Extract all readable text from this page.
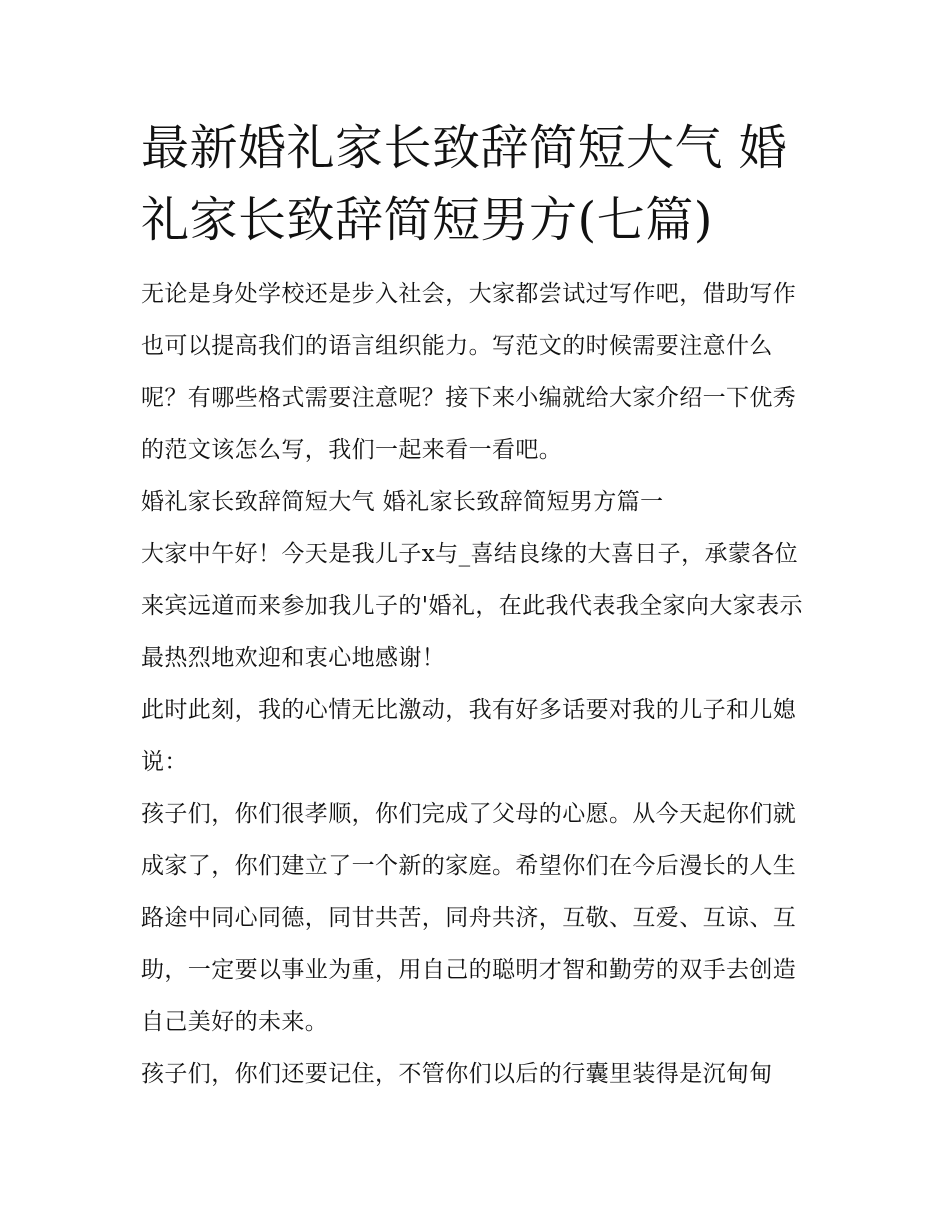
最新婚礼家长致辞简短大气 婚礼家长致辞简短男方(七篇)

无论是身处学校还是步入社会，大家都尝试过写作吧，借助写作也可以提高我们的语言组织能力。写范文的时候需要注意什么呢？有哪些格式需要注意呢？接下来小编就给大家介绍一下优秀的范文该怎么写，我们一起来看一看吧。

婚礼家长致辞简短大气 婚礼家长致辞简短男方篇一

大家中午好！今天是我儿子x与_喜结良缘的大喜日子，承蒙各位来宾远道而来参加我儿子的'婚礼，在此我代表我全家向大家表示最热烈地欢迎和衷心地感谢！

此时此刻，我的心情无比激动，我有好多话要对我的儿子和儿媳说：

孩子们，你们很孝顺，你们完成了父母的心愿。从今天起你们就成家了，你们建立了一个新的家庭。希望你们在今后漫长的人生路途中同心同德，同甘共苦，同舟共济，互敬、互爱、互谅、互助，一定要以事业为重，用自己的聪明才智和勤劳的双手去创造自己美好的未来。

孩子们，你们还要记住，不管你们以后的行囊里装得是沉甸甸
